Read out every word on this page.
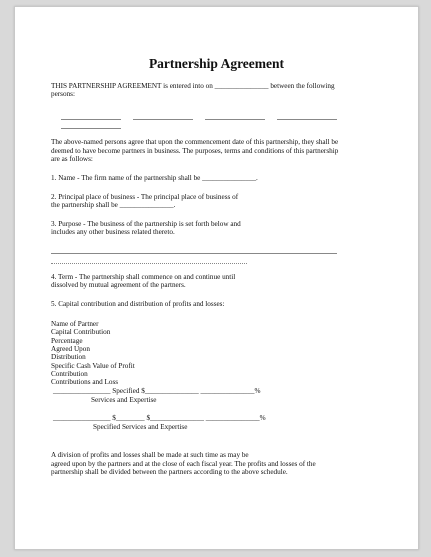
Partnership Agreement
THIS PARTNERSHIP AGREEMENT is entered into on _______________ between the following
persons:
The above-named persons agree that upon the commencement date of this partnership, they shall be
deemed to have become partners in business. The purposes, terms and conditions of this partnership
are as follows:
1. Name - The firm name of the partnership shall be _______________.
2. Principal place of business - The principal place of business of
the partnership shall be _______________.
3. Purpose - The business of the partnership is set forth below and
includes any other business related thereto.
4. Term - The partnership shall commence on and continue until
dissolved by mutual agreement of the partners.
5. Capital contribution and distribution of profits and losses:
Name of Partner
Capital Contribution
Percentage
Agreed Upon
Distribution
Specific Cash Value of Profit
Contribution
Contributions and Loss
________________ Specified $_______________ _______________%
Services and Expertise
________________ $________ $_______________ _______________%
Specified Services and Expertise
A division of profits and losses shall be made at such time as may be
agreed upon by the partners and at the close of each fiscal year. The profits and losses of the
partnership shall be divided between the partners according to the above schedule.
